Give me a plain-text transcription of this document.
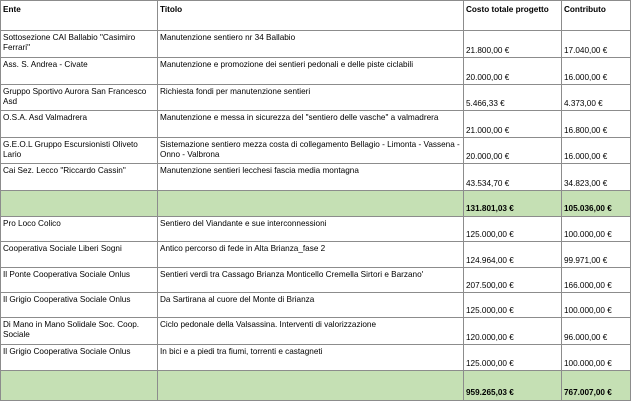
Ente	Titolo	Costo totale progetto	Contributo
Sottosezione CAI Ballabio "Casimiro Ferrari"	Manutenzione sentiero nr 34 Ballabio	21.800,00 €	17.040,00 €
Ass. S. Andrea - Civate	Manutenzione e promozione dei sentieri pedonali e delle piste ciclabili	20.000,00 €	16.000,00 €
Gruppo Sportivo Aurora San Francesco Asd	Richiesta fondi per manutenzione sentieri	5.466,33 €	4.373,00 €
O.S.A. Asd Valmadrera	Manutenzione e messa in sicurezza del "sentiero delle vasche" a valmadrera	21.000,00 €	16.800,00 €
G.E.O.L Gruppo Escursionisti Oliveto Lario	Sistemazione sentiero mezza costa di collegamento Bellagio - Limonta - Vassena - Onno - Valbrona	20.000,00 €	16.000,00 €
Cai Sez. Lecco "Riccardo Cassin"	Manutenzione sentieri lecchesi fascia media montagna	43.534,70 €	34.823,00 €
		131.801,03 €	105.036,00 €
Pro Loco Colico	Sentiero del Viandante e sue interconnessioni	125.000,00 €	100.000,00 €
Cooperativa Sociale Liberi Sogni	Antico percorso di fede in Alta Brianza_fase 2	124.964,00 €	99.971,00 €
Il Ponte Cooperativa Sociale Onlus	Sentieri verdi tra Cassago Brianza Monticello Cremella Sirtori e Barzano'	207.500,00 €	166.000,00 €
Il Grigio Cooperativa Sociale Onlus	Da Sartirana al cuore del Monte di Brianza	125.000,00 €	100.000,00 €
Di Mano in Mano Solidale Soc. Coop. Sociale	Ciclo pedonale della Valsassina. Interventi di valorizzazione	120.000,00 €	96.000,00 €
Il Grigio Cooperativa Sociale Onlus	In bici e a piedi tra fiumi, torrenti e castagneti	125.000,00 €	100.000,00 €
		959.265,03 €	767.007,00 €
